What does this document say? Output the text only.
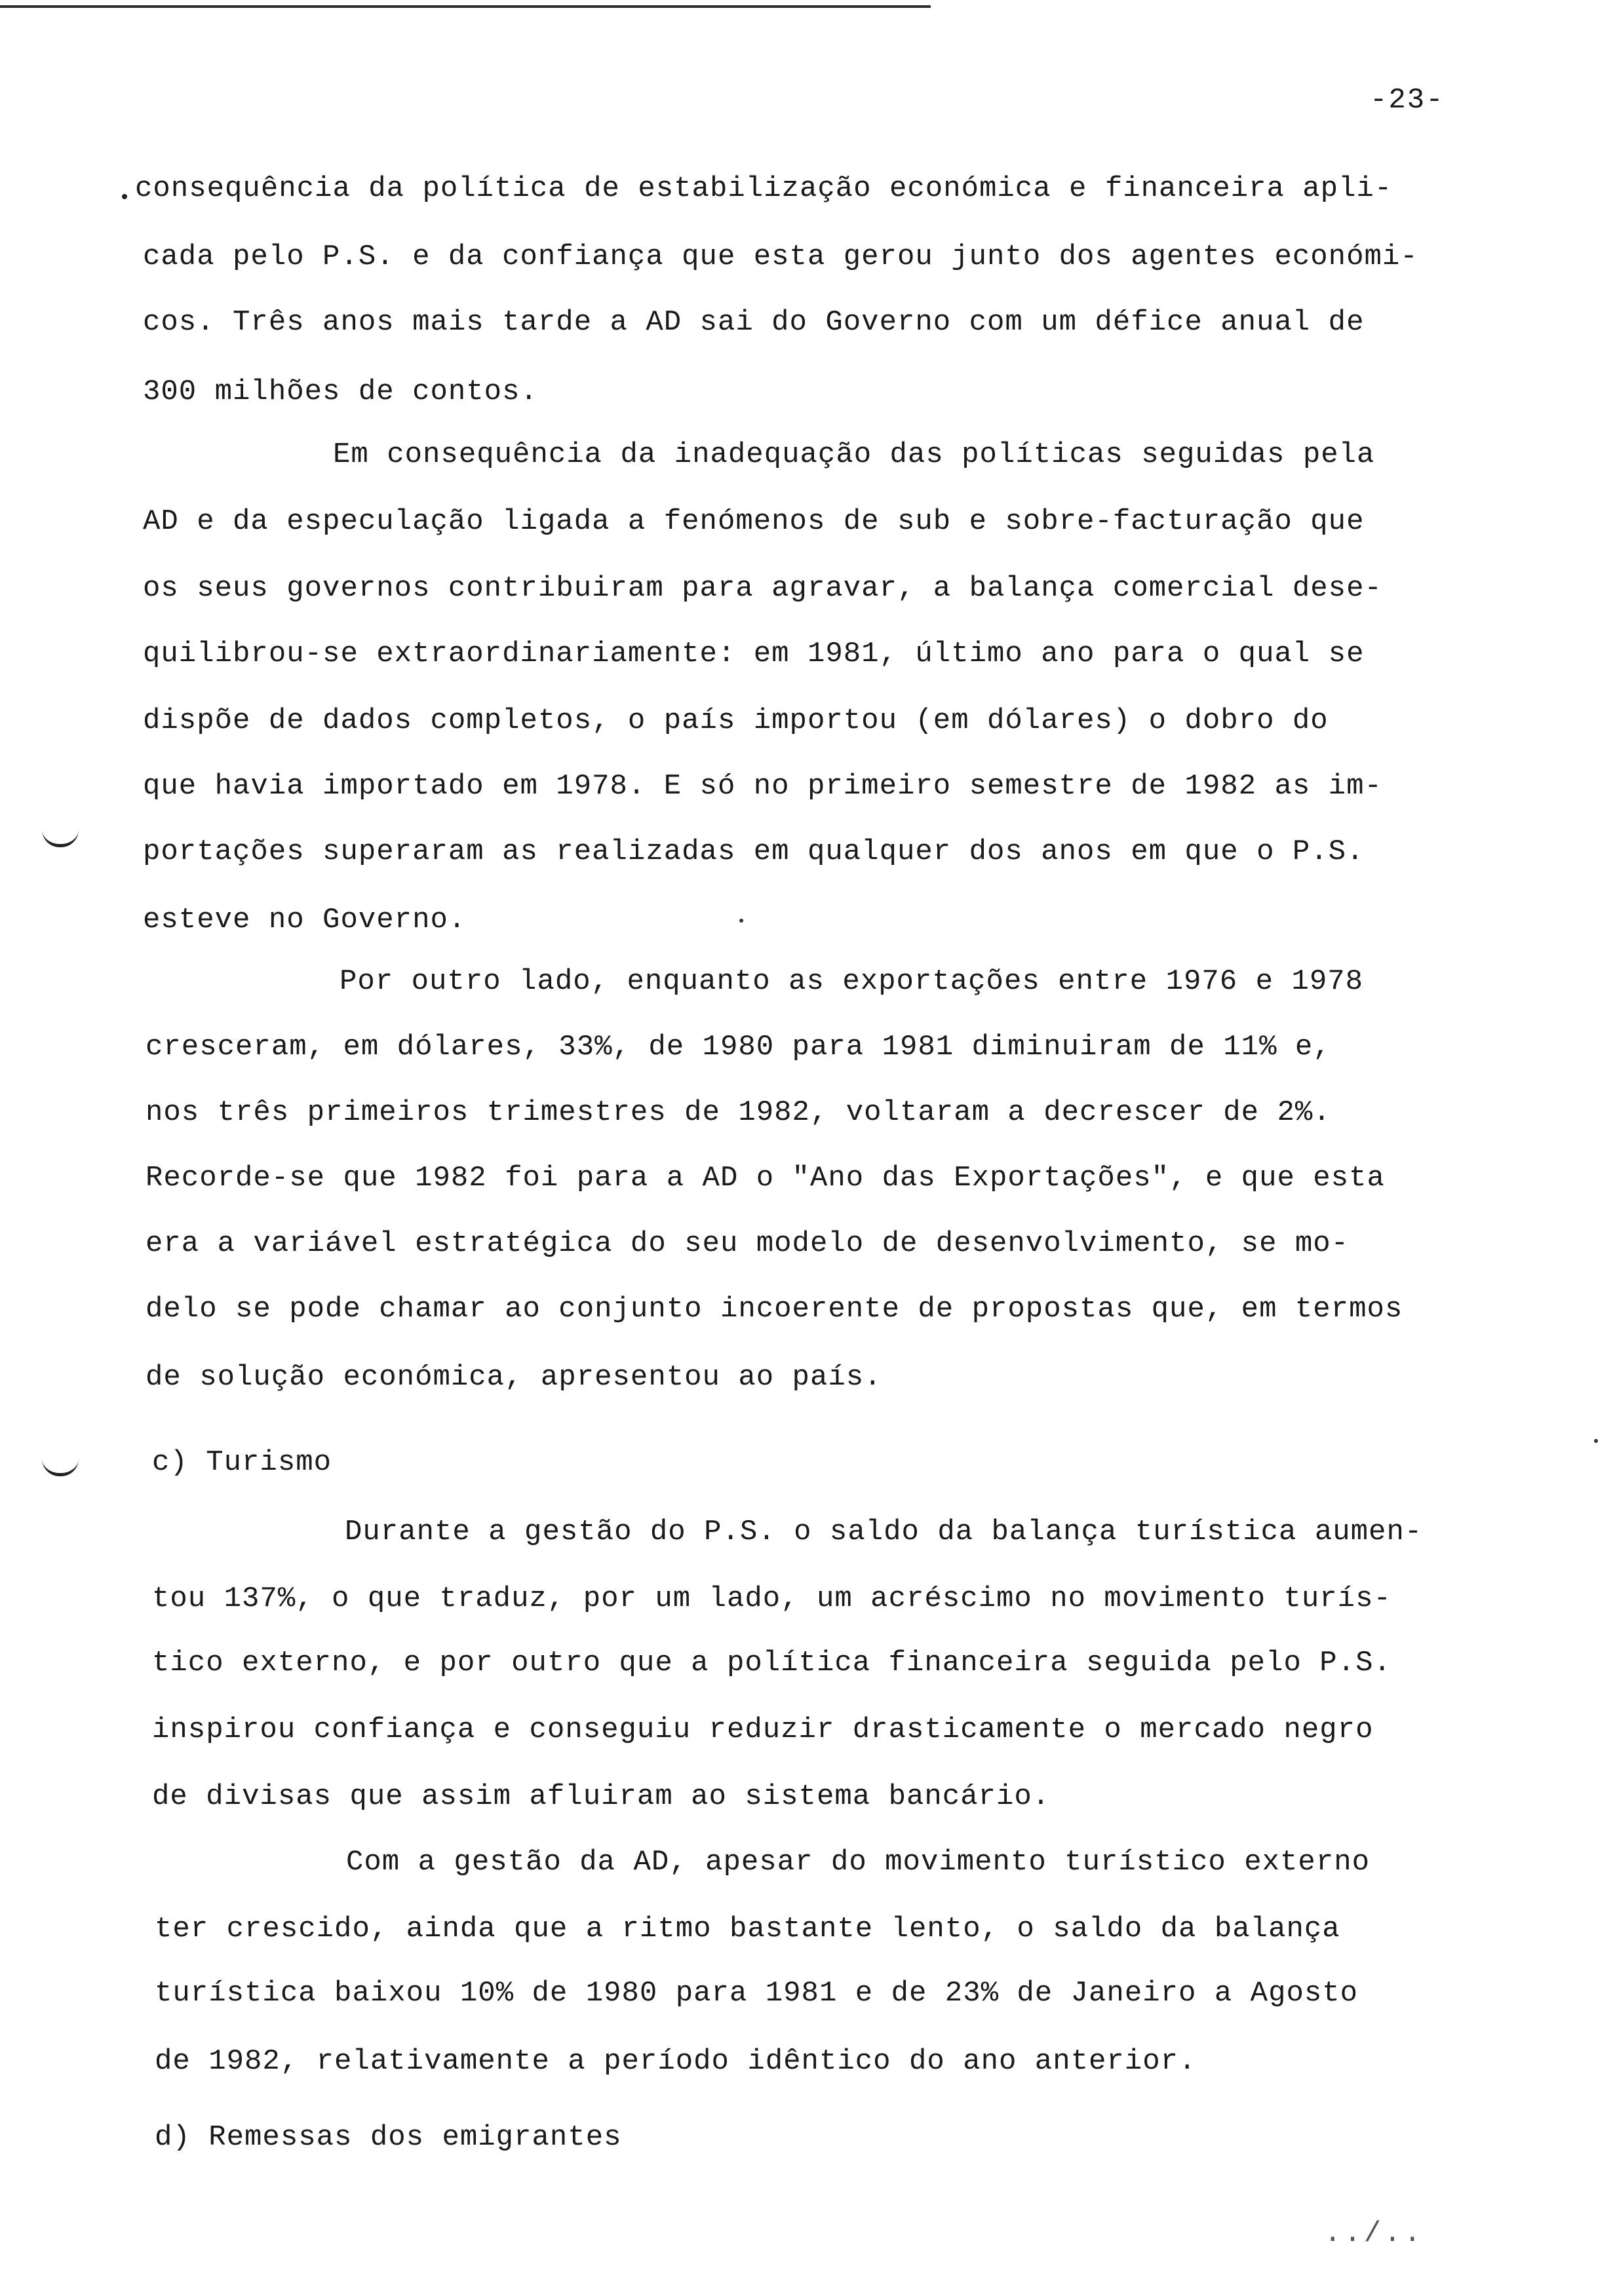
-23-
consequência da política de estabilização económica e financeira apli-
cada pelo P.S. e da confiança que esta gerou junto dos agentes económi-
cos. Três anos mais tarde a AD sai do Governo com um défice anual de
300 milhões de contos.
Em consequência da inadequação das políticas seguidas pela
AD e da especulação ligada a fenómenos de sub e sobre-facturação que
os seus governos contribuiram para agravar, a balança comercial dese-
quilibrou-se extraordinariamente: em 1981, último ano para o qual se
dispõe de dados completos, o país importou (em dólares) o dobro do
que havia importado em 1978. E só no primeiro semestre de 1982 as im-
portações superaram as realizadas em qualquer dos anos em que o P.S.
esteve no Governo.
Por outro lado, enquanto as exportações entre 1976 e 1978
cresceram, em dólares, 33%, de 1980 para 1981 diminuiram de 11% e,
nos três primeiros trimestres de 1982, voltaram a decrescer de 2%.
Recorde-se que 1982 foi para a AD o "Ano das Exportações", e que esta
era a variável estratégica do seu modelo de desenvolvimento, se mo-
delo se pode chamar ao conjunto incoerente de propostas que, em termos
de solução económica, apresentou ao país.
c) Turismo
Durante a gestão do P.S. o saldo da balança turística aumen-
tou 137%, o que traduz, por um lado, um acréscimo no movimento turís-
tico externo, e por outro que a política financeira seguida pelo P.S.
inspirou confiança e conseguiu reduzir drasticamente o mercado negro
de divisas que assim afluiram ao sistema bancário.
Com a gestão da AD, apesar do movimento turístico externo
ter crescido, ainda que a ritmo bastante lento, o saldo da balança
turística baixou 10% de 1980 para 1981 e de 23% de Janeiro a Agosto
de 1982, relativamente a período idêntico do ano anterior.
d) Remessas dos emigrantes
../..
